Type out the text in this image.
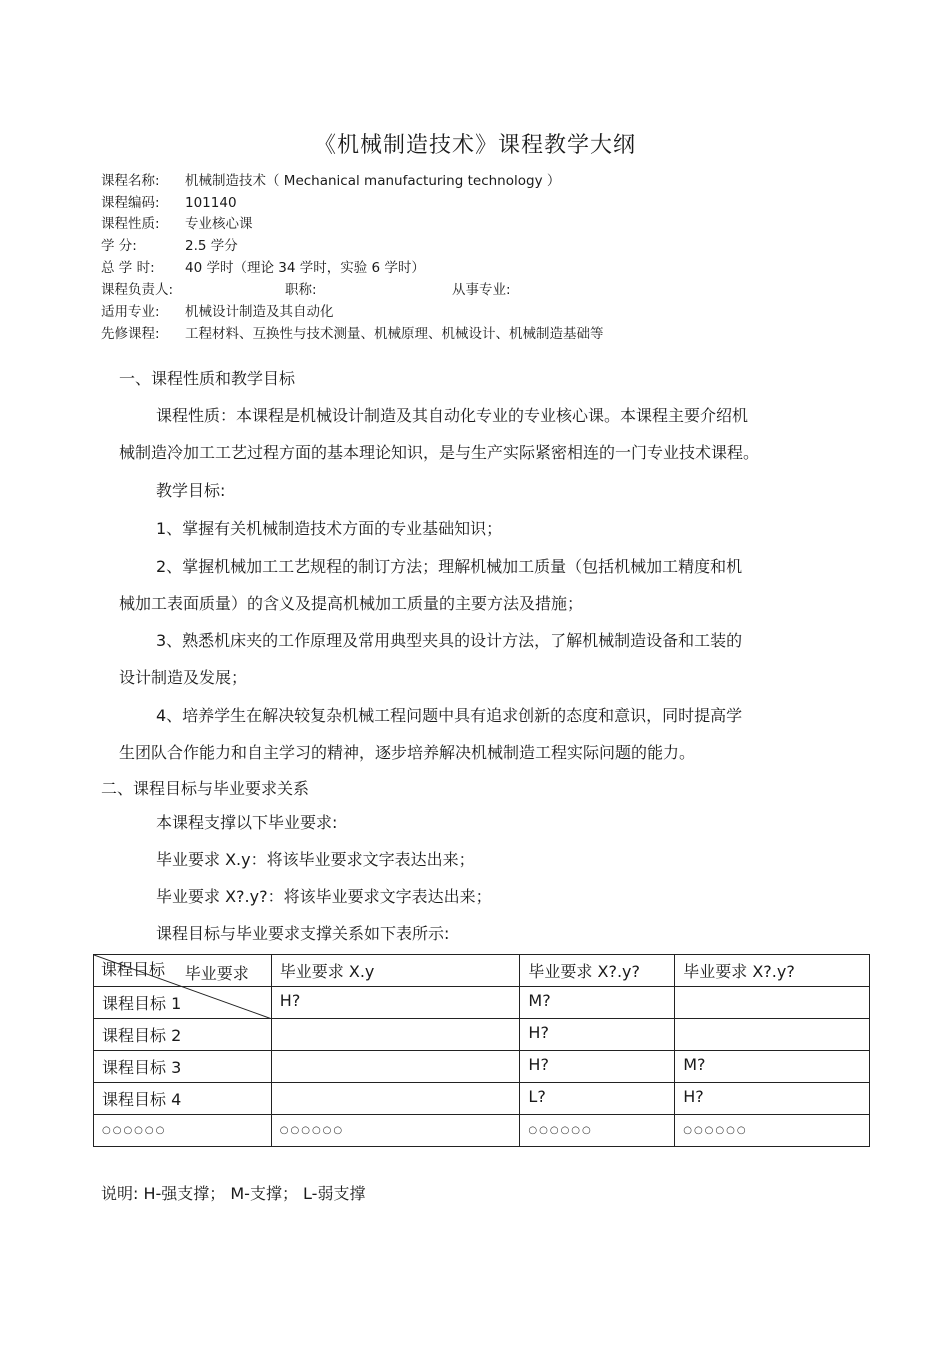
《机械制造技术》课程教学大纲
课程名称: 机械制造技术（ Mechanical manufacturing technology ）
课程编码: 101140
课程性质: 专业核心课
学 分:	2.5 学分
总 学 时: 40 学时（理论 34 学时，实验 6 学时）
课程负责人:	职称:	从事专业:
适用专业: 机械设计制造及其自动化
先修课程: 工程材料、互换性与技术测量、机械原理、机械设计、机械制造基础等
一、课程性质和教学目标
课程性质：本课程是机械设计制造及其自动化专业的专业核心课。本课程主要介绍机
械制造冷加工工艺过程方面的基本理论知识，是与生产实际紧密相连的一门专业技术课程。
教学目标:
1、掌握有关机械制造技术方面的专业基础知识；
2、掌握机械加工工艺规程的制订方法；理解机械加工质量（包括机械加工精度和机
械加工表面质量）的含义及提高机械加工质量的主要方法及措施；
3、熟悉机床夹的工作原理及常用典型夹具的设计方法，了解机械制造设备和工装的
设计制造及发展；
4、培养学生在解决较复杂机械工程问题中具有追求创新的态度和意识，同时提高学
生团队合作能力和自主学习的精神，逐步培养解决机械制造工程实际问题的能力。
二、课程目标与毕业要求关系
本课程支撑以下毕业要求:
毕业要求 X.y：将该毕业要求文字表达出来；
毕业要求 X?.y?：将该毕业要求文字表达出来；
课程目标与毕业要求支撑关系如下表所示:
毕业要求
课程目标	毕业要求 X.y	毕业要求 X?.y?	毕业要求 X?.y?
课程目标 1	H?	M?	
课程目标 2		H?	
课程目标 3		H?	M?
课程目标 4		L?	H?
○○○○○○	○○○○○○	○○○○○○	○○○○○○
说明: H-强支撑； M-支撑； L-弱支撑
